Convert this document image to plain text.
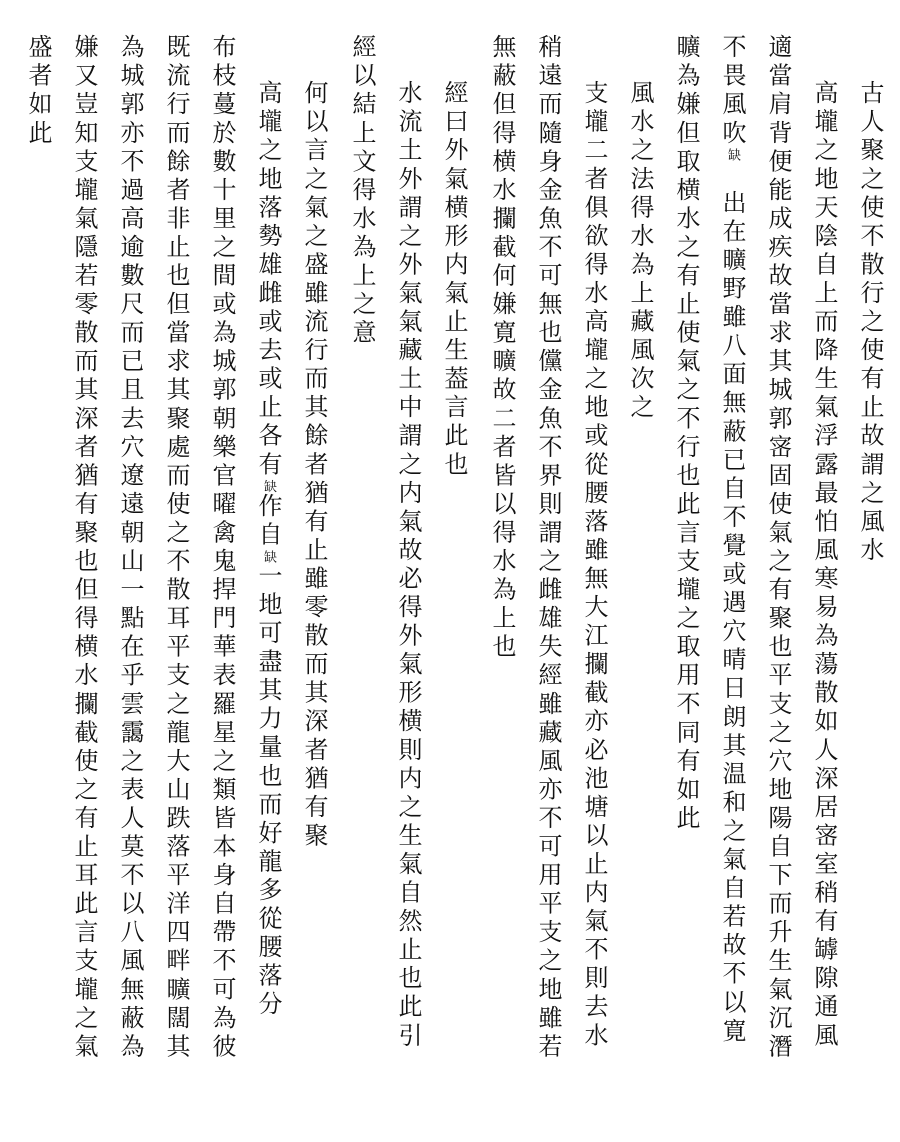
古人聚之使不散行之使有止故謂之風水
高壠之地天陰自上而降生氣浮露最怕風寒易為蕩散如人深居宻室稍有罅隙通風
適當肩背便能成疾故當求其城郭宻固使氣之有聚也平支之穴地陽自下而升生氣沉潛
不畏風吹缺　出在曠野雖八面無蔽已自不覺或遇穴晴日朗其温和之氣自若故不以寛
曠為嫌但取横水之有止使氣之不行也此言支壠之取用不同有如此
風水之法得水為上藏風次之
支壠二者俱欲得水高壠之地或從腰落雖無大江攔截亦必池塘以止内氣不則去水
稍遠而隨身金魚不可無也儻金魚不界則謂之雌雄失經雖藏風亦不可用平支之地雖若
無蔽但得横水攔截何嫌寛曠故二者皆以得水為上也
經曰外氣横形内氣止生葢言此也
水流土外謂之外氣氣藏土中謂之内氣故必得外氣形横則内之生氣自然止也此引
經以結上文得水為上之意
何以言之氣之盛雖流行而其餘者猶有止雖零散而其深者猶有聚
高壠之地落勢雄雌或去或止各有缺作自缺一地可盡其力量也而好龍多從腰落分
布枝蔓於數十里之間或為城郭朝樂官曜禽鬼捍門華表羅星之類皆本身自帶不可為彼
既流行而餘者非止也但當求其聚處而使之不散耳平支之龍大山跌落平洋四畔曠闊其
為城郭亦不過高逾數尺而已且去穴遼遠朝山一點在乎雲靄之表人莫不以八風無蔽為
嫌又豈知支壠氣隱若零散而其深者猶有聚也但得横水攔截使之有止耳此言支壠之氣
盛者如此
